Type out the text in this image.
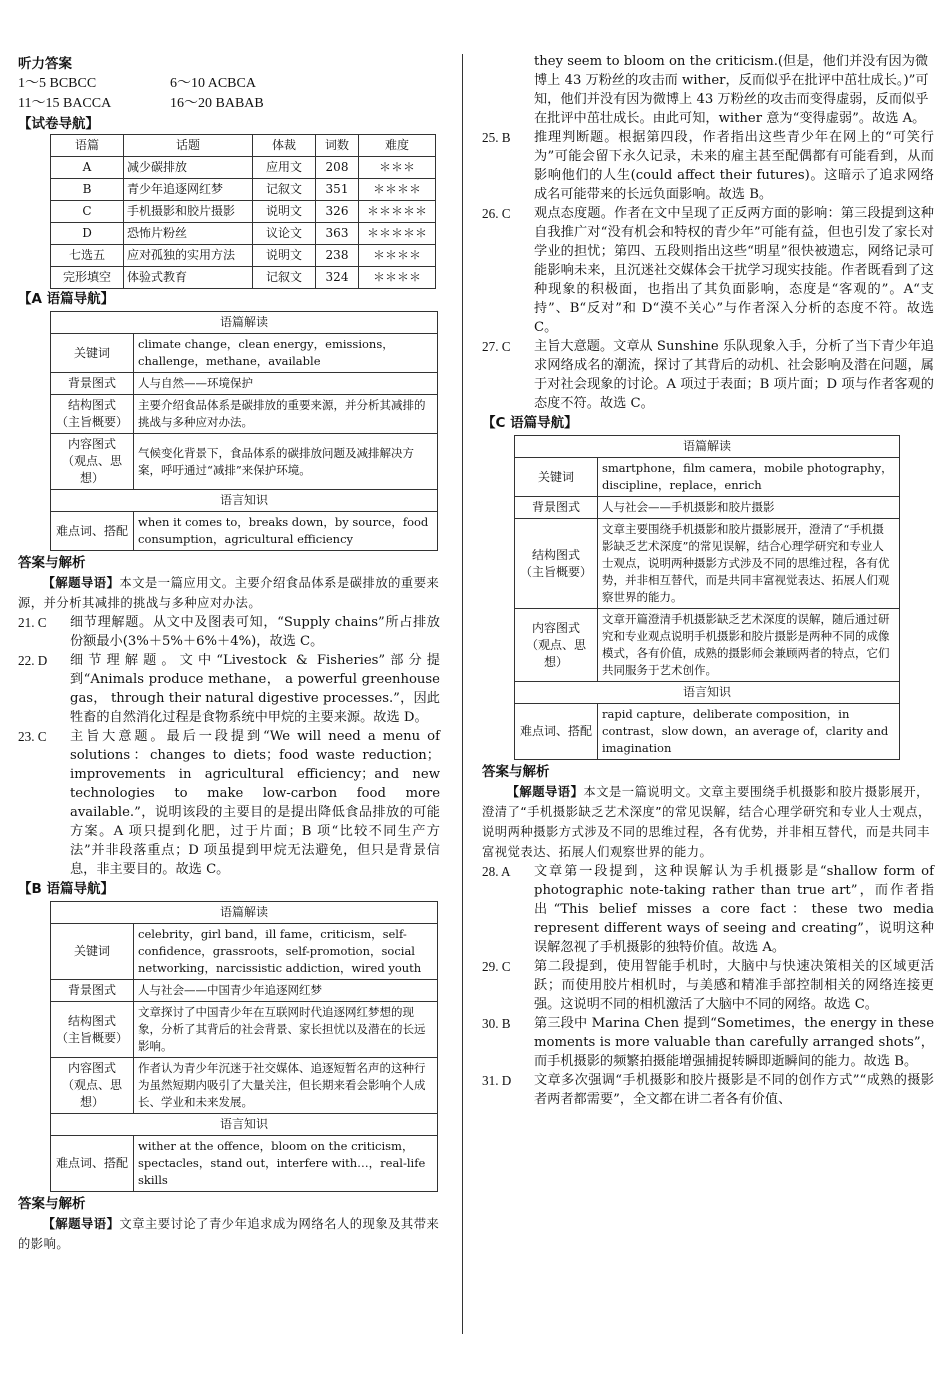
听力答案

1～5 BCBCC	6～10 ACBCA
11～15 BACCA	16～20 BABAB

【试卷导航】

语篇	话题	体裁	词数	难度
A	减少碳排放	应用文	208	＊＊＊
B	青少年追逐网红梦	记叙文	351	＊＊＊＊
C	手机摄影和胶片摄影	说明文	326	＊＊＊＊＊
D	恐怖片粉丝	议论文	363	＊＊＊＊＊
七选五	应对孤独的实用方法	说明文	238	＊＊＊＊
完形填空	体验式教育	记叙文	324	＊＊＊＊

【A 语篇导航】

语篇解读	
关键词	climate change，clean energy，emissions，challenge，methane，available
背景图式	人与自然——环境保护
结构图式
（主旨概要）	主要介绍食品体系是碳排放的重要来源，并分析其减排的挑战与多种应对办法。
内容图式
（观点、思想）	气候变化背景下，食品体系的碳排放问题及减排解决方案，呼吁通过“减排”来保护环境。
语言知识	
难点词、搭配	when it comes to，breaks down，by source，food consumption，agricultural efficiency

答案与解析

【解题导语】本文是一篇应用文。主要介绍食品体系是碳排放的重要来源，并分析其减排的挑战与多种应对办法。

21. C	细节理解题。从文中及图表可知，“Supply chains”所占排放份额最小(3%＋5%＋6%＋4%)，故选 C。
22. D	细节理解题。文中“Livestock & Fisheries”部分提到“Animals produce methane， a powerful greenhouse gas， through their natural digestive processes.”，因此牲畜的自然消化过程是食物系统中甲烷的主要来源。故选 D。
23. C	主旨大意题。最后一段提到“We will need a menu of solutions：changes to diets；food waste reduction；improvements in agricultural efficiency；and new technologies to make low-carbon food more available.”，说明该段的主要目的是提出降低食品排放的可能方案。A 项只提到化肥，过于片面；B 项“比较不同生产方法”并非段落重点；D 项虽提到甲烷无法避免，但只是背景信息，非主要目的。故选 C。

【B 语篇导航】

语篇解读	
关键词	celebrity，girl band，ill fame，criticism，self-confidence，grassroots，self-promotion，social networking，narcissistic addiction，wired youth
背景图式	人与社会——中国青少年追逐网红梦
结构图式
（主旨概要）	文章探讨了中国青少年在互联网时代追逐网红梦想的现象，分析了其背后的社会背景、家长担忧以及潜在的长远影响。
内容图式
（观点、思想）	作者认为青少年沉迷于社交媒体、追逐短暂名声的这种行为虽然短期内吸引了大量关注，但长期来看会影响个人成长、学业和未来发展。
语言知识	
难点词、搭配	wither at the offence，bloom on the criticism，spectacles，stand out，interfere with…，real-life skills

答案与解析

【解题导语】文章主要讨论了青少年追求成为网络名人的现象及其带来的影响。

they seem to bloom on the criticism.(但是，他们并没有因为微博上 43 万粉丝的攻击而 wither，反而似乎在批评中茁壮成长。)”可知，他们并没有因为微博上 43 万粉丝的攻击而变得虚弱，反而似乎在批评中茁壮成长。由此可知，wither 意为“变得虚弱”。故选 A。

25. B	推理判断题。根据第四段，作者指出这些青少年在网上的“可笑行为”可能会留下永久记录，未来的雇主甚至配偶都有可能看到，从而影响他们的人生(could affect their futures)。这暗示了追求网络成名可能带来的长远负面影响。故选 B。
26. C	观点态度题。作者在文中呈现了正反两方面的影响：第三段提到这种自我推广对“没有机会和特权的青少年”可能有益，但也引发了家长对学业的担忧；第四、五段则指出这些“明星”很快被遗忘，网络记录可能影响未来，且沉迷社交媒体会干扰学习现实技能。作者既看到了这种现象的积极面，也指出了其负面影响，态度是“客观的”。A“支持”、B“反对”和 D“漠不关心”与作者深入分析的态度不符。故选 C。
27. C	主旨大意题。文章从 Sunshine 乐队现象入手，分析了当下青少年追求网络成名的潮流，探讨了其背后的动机、社会影响及潜在问题，属于对社会现象的讨论。A 项过于表面；B 项片面；D 项与作者客观的态度不符。故选 C。

【C 语篇导航】

语篇解读	
关键词	smartphone，film camera，mobile photography，discipline，replace，enrich
背景图式	人与社会——手机摄影和胶片摄影
结构图式
（主旨概要）	文章主要围绕手机摄影和胶片摄影展开，澄清了“手机摄影缺乏艺术深度”的常见误解，结合心理学研究和专业人士观点，说明两种摄影方式涉及不同的思维过程，各有优势，并非相互替代，而是共同丰富视觉表达、拓展人们观察世界的能力。
内容图式
（观点、思想）	文章开篇澄清手机摄影缺乏艺术深度的误解，随后通过研究和专业观点说明手机摄影和胶片摄影是两种不同的成像模式，各有价值，成熟的摄影师会兼顾两者的特点，它们共同服务于艺术创作。
语言知识	
难点词、搭配	rapid capture，deliberate composition，in contrast，slow down，an average of，clarity and imagination

答案与解析

【解题导语】本文是一篇说明文。文章主要围绕手机摄影和胶片摄影展开，澄清了“手机摄影缺乏艺术深度”的常见误解，结合心理学研究和专业人士观点，说明两种摄影方式涉及不同的思维过程，各有优势，并非相互替代，而是共同丰富视觉表达、拓展人们观察世界的能力。

28. A	文章第一段提到，这种误解认为手机摄影是“shallow form of photographic note-taking rather than true art”，而作者指出“This belief misses a core fact：these two media represent different ways of seeing and creating”，说明这种误解忽视了手机摄影的独特价值。故选 A。
29. C	第二段提到，使用智能手机时，大脑中与快速决策相关的区域更活跃；而使用胶片相机时，与美感和精准手部控制相关的网络连接更强。这说明不同的相机激活了大脑中不同的网络。故选 C。
30. B	第三段中 Marina Chen 提到“Sometimes，the energy in these moments is more valuable than carefully arranged shots”，而手机摄影的频繁拍摄能增强捕捉转瞬即逝瞬间的能力。故选 B。
31. D	文章多次强调“手机摄影和胶片摄影是不同的创作方式”“成熟的摄影者两者都需要”，全文都在讲二者各有价值、
